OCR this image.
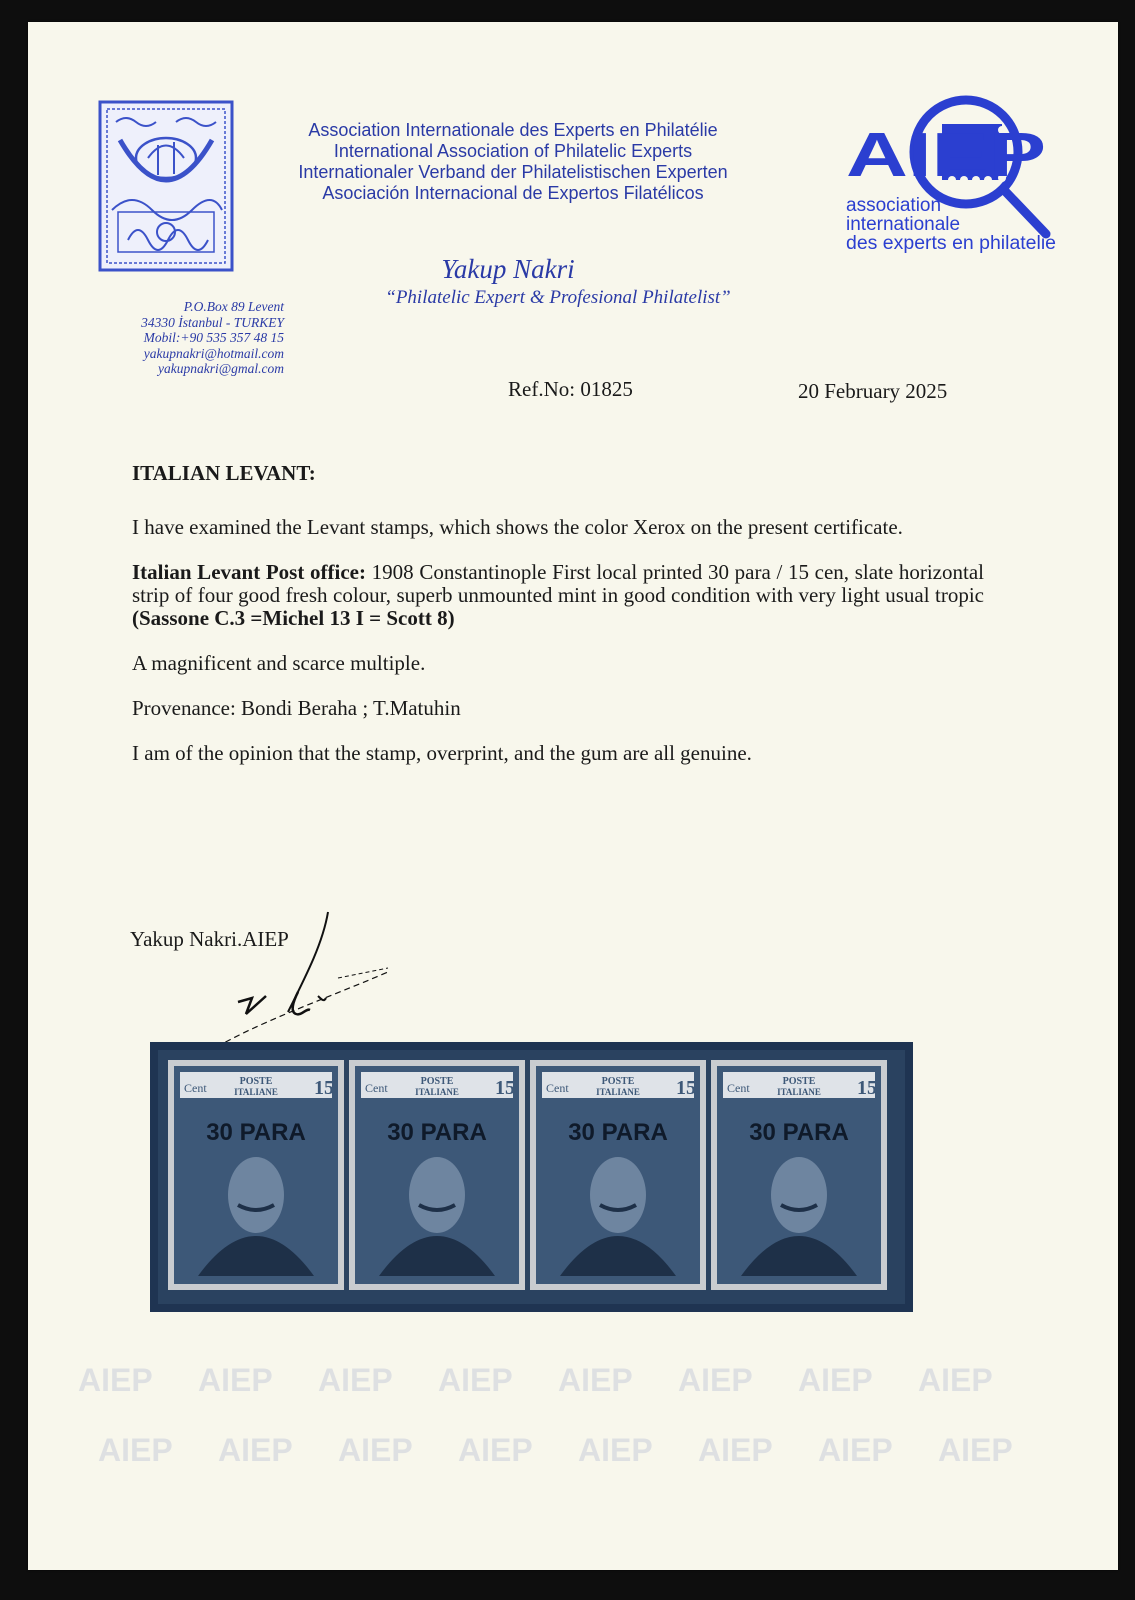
P.O.Box 89 Levent
34330 İstanbul - TURKEY
Mobil:+90 535 357 48 15
yakupnakri@hotmail.com
yakupnakri@gmal.com
Association Internationale des Experts en Philatélie
International Association of Philatelic Experts
Internationaler Verband der Philatelistischen Experten
Asociación Internacional de Expertos Filatélicos
Yakup Nakri
“Philatelic Expert & Profesional Philatelist”
AIEP
association
internationale
des experts en philatelie
Ref.No: 01825	20 February 2025

ITALIAN LEVANT:

I have examined the Levant stamps, which shows the color Xerox on the present certificate.

Italian Levant Post office: 1908 Constantinople First local printed 30 para / 15 cen, slate horizontal strip of four good fresh colour, superb unmounted mint in good condition with very light usual tropic (Sassone C.3 =Michel 13 I = Scott 8)

A magnificent and scarce multiple.

Provenance: Bondi Beraha ; T.Matuhin

I am of the opinion that the stamp, overprint, and the gum are all genuine.

Yakup Nakri.AIEP
Cent	POSTE
ITALIANE 15
30 PARA
Cent	POSTE
ITALIANE 15
30 PARA
Cent	POSTE
ITALIANE 15
30 PARA
Cent	POSTE
ITALIANE 15
30 PARA
AIEP AIEP AIEP AIEP AIEP AIEP AIEP AIEP
AIEP AIEP AIEP AIEP AIEP AIEP AIEP AIEP
